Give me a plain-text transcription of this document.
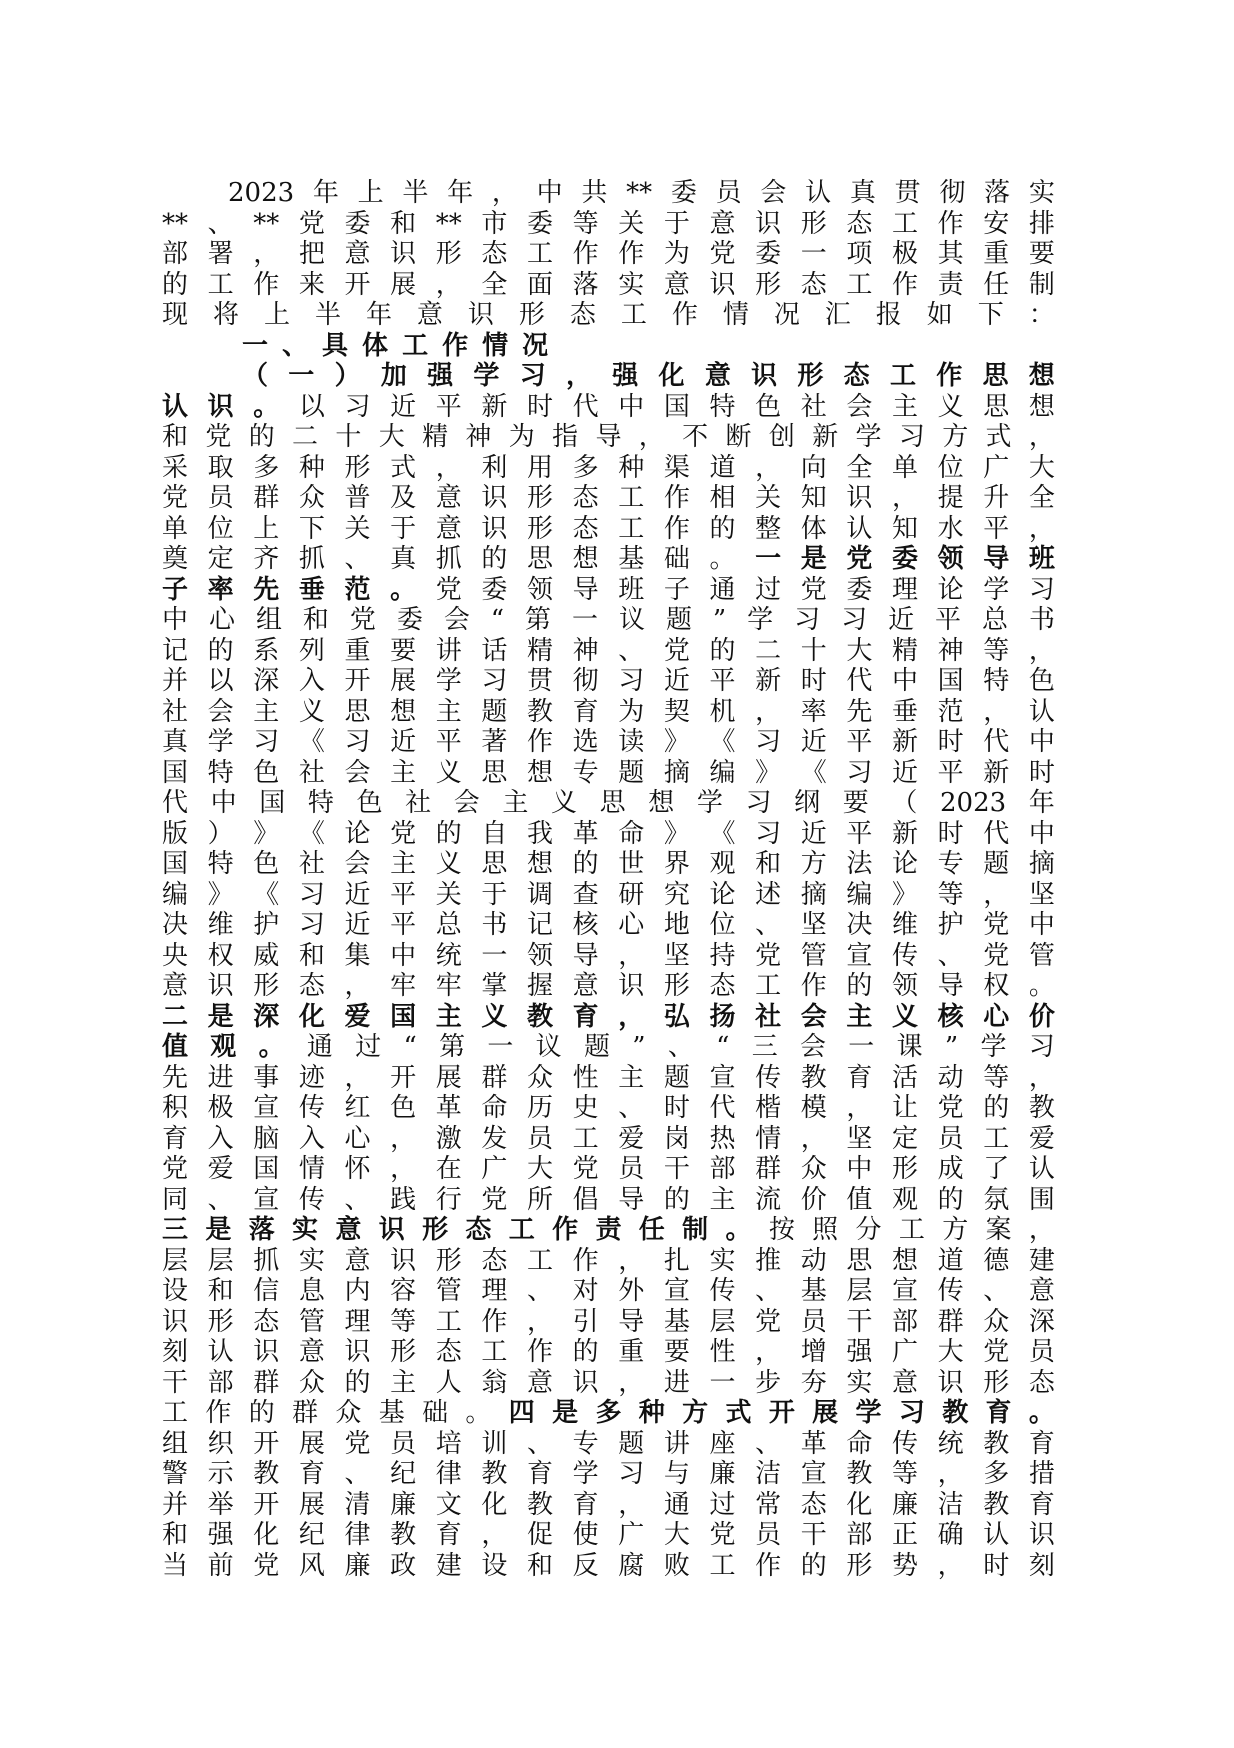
2023 年 上 半 年 ， 中 共 ** 委 员 会 认 真 贯 彻 落 实
** 、 ** 党 委 和 ** 市 委 等 关 于 意 识 形 态 工 作 安 排
部 署 ， 把 意 识 形 态 工 作 作 为 党 委 一 项 极 其 重 要
的 工 作 来 开 展 ， 全 面 落 实 意 识 形 态 工 作 责 任 制
现 将 上 半 年 意 识 形 态 工 作 情 况 汇 报 如 下 ：
一 、 具 体 工 作 情 况
（ 一 ） 加 强 学 习 ， 强 化 意 识 形 态 工 作 思 想
认 识 。 以 习 近 平 新 时 代 中 国 特 色 社 会 主 义 思 想
和 党 的 二 十 大 精 神 为 指 导 ， 不 断 创 新 学 习 方 式 ，
采 取 多 种 形 式 ， 利 用 多 种 渠 道 ， 向 全 单 位 广 大
党 员 群 众 普 及 意 识 形 态 工 作 相 关 知 识 ， 提 升 全
单 位 上 下 关 于 意 识 形 态 工 作 的 整 体 认 知 水 平 ，
奠 定 齐 抓 、 真 抓 的 思 想 基 础 。 一 是 党 委 领 导 班
子 率 先 垂 范 。 党 委 领 导 班 子 通 过 党 委 理 论 学 习
中 心 组 和 党 委 会 “ 第 一 议 题 ” 学 习 习 近 平 总 书
记 的 系 列 重 要 讲 话 精 神 、 党 的 二 十 大 精 神 等 ，
并 以 深 入 开 展 学 习 贯 彻 习 近 平 新 时 代 中 国 特 色
社 会 主 义 思 想 主 题 教 育 为 契 机 ， 率 先 垂 范 ， 认
真 学 习 《 习 近 平 著 作 选 读 》 《 习 近 平 新 时 代 中
国 特 色 社 会 主 义 思 想 专 题 摘 编 》 《 习 近 平 新 时
代 中 国 特 色 社 会 主 义 思 想 学 习 纲 要 （ 2023 年
版 ） 》 《 论 党 的 自 我 革 命 》 《 习 近 平 新 时 代 中
国 特 色 社 会 主 义 思 想 的 世 界 观 和 方 法 论 专 题 摘
编 》 《 习 近 平 关 于 调 查 研 究 论 述 摘 编 》 等 ， 坚
决 维 护 习 近 平 总 书 记 核 心 地 位 、 坚 决 维 护 党 中
央 权 威 和 集 中 统 一 领 导 ， 坚 持 党 管 宣 传 、 党 管
意 识 形 态 ， 牢 牢 掌 握 意 识 形 态 工 作 的 领 导 权 。
二 是 深 化 爱 国 主 义 教 育 ， 弘 扬 社 会 主 义 核 心 价
值 观 。 通 过 “ 第 一 议 题 ” 、 “ 三 会 一 课 ” 学 习
先 进 事 迹 ， 开 展 群 众 性 主 题 宣 传 教 育 活 动 等 ，
积 极 宣 传 红 色 革 命 历 史 、 时 代 楷 模 ， 让 党 的 教
育 入 脑 入 心 ， 激 发 员 工 爱 岗 热 情 ， 坚 定 员 工 爱
党 爱 国 情 怀 ， 在 广 大 党 员 干 部 群 众 中 形 成 了 认
同 、 宣 传 、 践 行 党 所 倡 导 的 主 流 价 值 观 的 氛 围
三 是 落 实 意 识 形 态 工 作 责 任 制 。 按 照 分 工 方 案 ，
层 层 抓 实 意 识 形 态 工 作 ， 扎 实 推 动 思 想 道 德 建
设 和 信 息 内 容 管 理 、 对 外 宣 传 、 基 层 宣 传 、 意
识 形 态 管 理 等 工 作 ， 引 导 基 层 党 员 干 部 群 众 深
刻 认 识 意 识 形 态 工 作 的 重 要 性 ， 增 强 广 大 党 员
干 部 群 众 的 主 人 翁 意 识 ， 进 一 步 夯 实 意 识 形 态
工 作 的 群 众 基 础 。 四 是 多 种 方 式 开 展 学 习 教 育 。
组 织 开 展 党 员 培 训 、 专 题 讲 座 、 革 命 传 统 教 育
警 示 教 育 、 纪 律 教 育 学 习 与 廉 洁 宣 教 等 ， 多 措
并 举 开 展 清 廉 文 化 教 育 ， 通 过 常 态 化 廉 洁 教 育
和 强 化 纪 律 教 育 ， 促 使 广 大 党 员 干 部 正 确 认 识
当 前 党 风 廉 政 建 设 和 反 腐 败 工 作 的 形 势 ， 时 刻
